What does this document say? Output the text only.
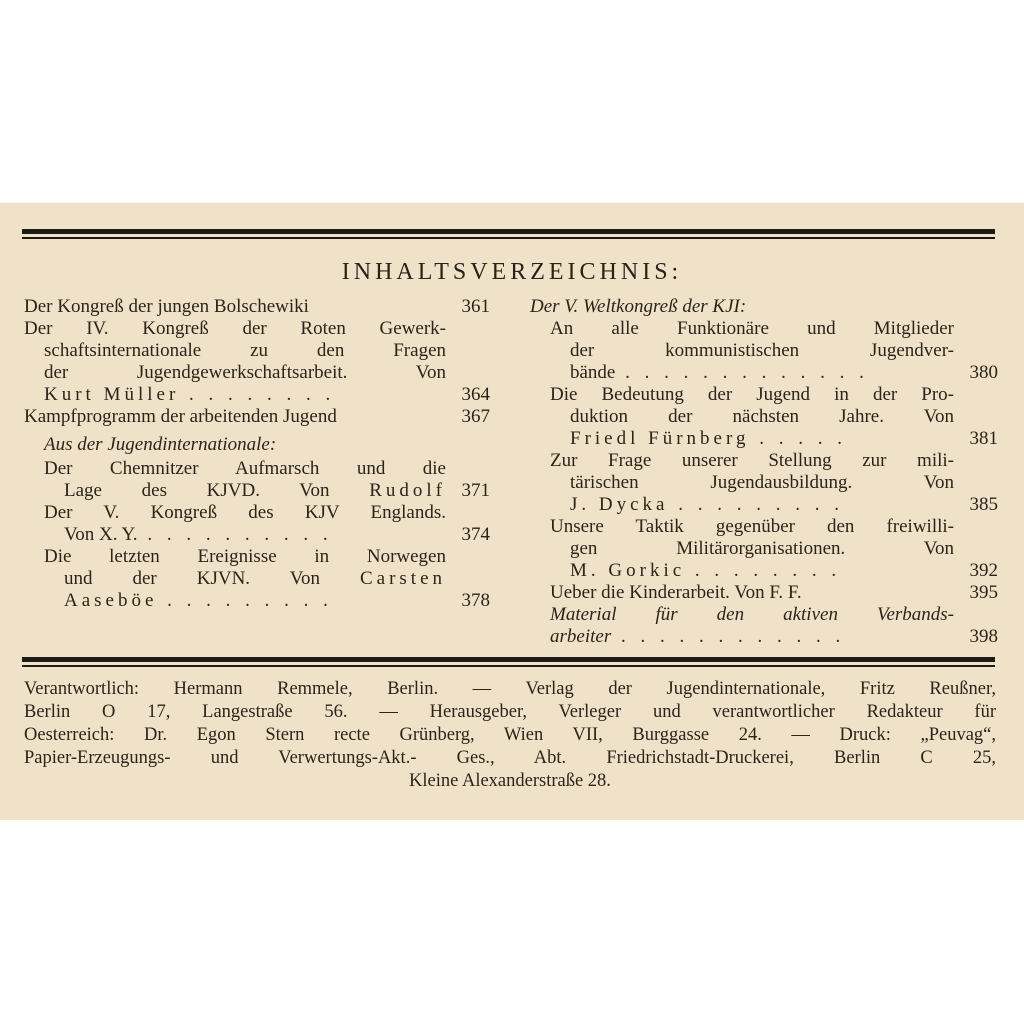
INHALTSVERZEICHNIS:
Der Kongreß der jungen Bolschewiki	361
Der IV. Kongreß der Roten Gewerk-
schaftsinternationale zu den Fragen
der Jugendgewerkschaftsarbeit. Von
Kurt Müller . . . . . . . .	364
Kampfprogramm der arbeitenden Jugend	367
Aus der Jugendinternationale:
Der Chemnitzer Aufmarsch und die
Lage des KJVD. Von Rudolf 371
Der V. Kongreß des KJV Englands.
Von X. Y. . . . . . . . . . .	374
Die letzten Ereignisse in Norwegen
und der KJVN. Von Carsten
Aaseböe . . . . . . . . .	378
Der V. Weltkongreß der KJI:
An alle Funktionäre und Mitglieder
der kommunistischen Jugendver-
bände . . . . . . . . . . . . .	380
Die Bedeutung der Jugend in der Pro-
duktion der nächsten Jahre. Von
Friedl Fürnberg . . . . .	381
Zur Frage unserer Stellung zur mili-
tärischen Jugendausbildung. Von
J. Dycka . . . . . . . . .	385
Unsere Taktik gegenüber den freiwilli-
gen Militärorganisationen. Von
M. Gorkic . . . . . . . .	392
Ueber die Kinderarbeit. Von F. F.	395
Material für den aktiven Verbands-
arbeiter . . . . . . . . . . . .	398
Verantwortlich: Hermann Remmele, Berlin. — Verlag der Jugendinternationale, Fritz Reußner,
Berlin O 17, Langestraße 56. — Herausgeber, Verleger und verantwortlicher Redakteur für
Oesterreich: Dr. Egon Stern recte Grünberg, Wien VII, Burggasse 24. — Druck: „Peuvag“,
Papier-Erzeugungs- und Verwertungs-Akt.- Ges., Abt. Friedrichstadt-Druckerei, Berlin C 25,
Kleine Alexanderstraße 28.
